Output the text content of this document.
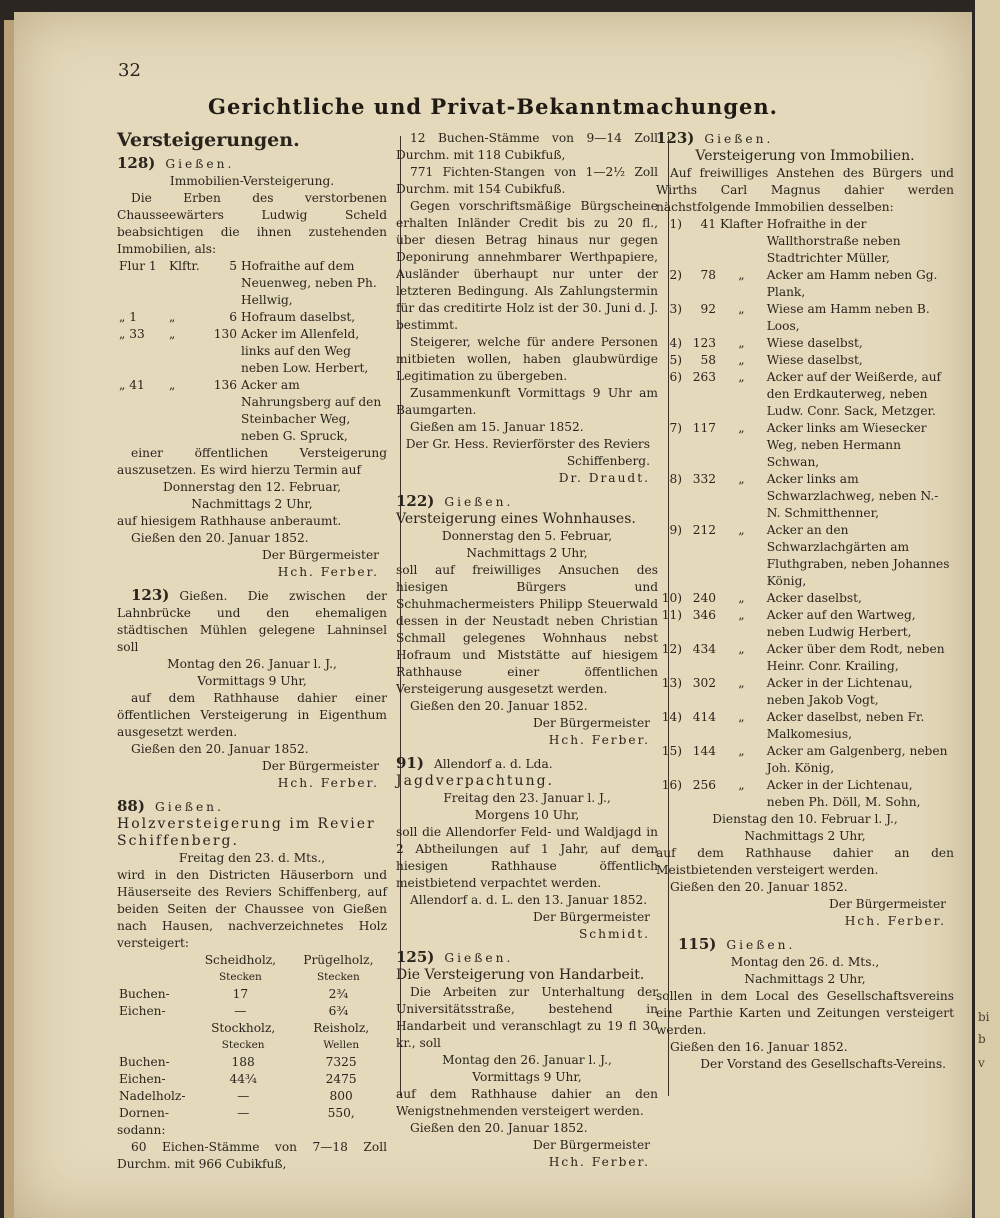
bi
b
v
32
Gerichtliche und Privat-Bekanntmachungen.
Versteigerungen.
128) Gießen.
Immobilien-Versteigerung.
Die Erben des verstorbenen Chausseewärters Ludwig Scheld beabsichtigen die ihnen zustehenden Immobilien, als:
Flur 1	Klftr.	5	Hofraithe auf dem Neuenweg, neben Ph. Hellwig,
„ 1	„	6	Hofraum daselbst,
„ 33	„	130	Acker im Allenfeld, links auf den Weg neben Low. Herbert,
„ 41	„	136	Acker am Nahrungsberg auf den Steinbacher Weg, neben G. Spruck,
einer öffentlichen Versteigerung auszusetzen. Es wird hierzu Termin auf
Donnerstag den 12. Februar,
Nachmittags 2 Uhr,
auf hiesigem Rathhause anberaumt.
Gießen den 20. Januar 1852.
Der Bürgermeister
Hch. Ferber.
123) Gießen. Die zwischen der Lahnbrücke und den ehemaligen städtischen Mühlen gelegene Lahninsel soll
Montag den 26. Januar l. J.,
Vormittags 9 Uhr,
auf dem Rathhause dahier einer öffentlichen Versteigerung in Eigenthum ausgesetzt werden.
Gießen den 20. Januar 1852.
Der Bürgermeister
Hch. Ferber.
88) Gießen.
Holzversteigerung im Revier Schiffenberg.
Freitag den 23. d. Mts.,
wird in den Districten Häuserborn und Häuserseite des Reviers Schiffenberg, auf beiden Seiten der Chaussee von Gießen nach Hausen, nachverzeichnetes Holz versteigert:
	Scheidholz,	Prügelholz,
	Stecken	Stecken
Buchen-	17	2¾
Eichen-	—	6¾
	Stockholz,	Reisholz,
	Stecken	Wellen
Buchen-	188	7325
Eichen-	44¾	2475
Nadelholz-	—	800
Dornen-	—	550,
sodann:
60 Eichen-Stämme von 7—18 Zoll Durchm. mit 966 Cubikfuß,
12 Buchen-Stämme von 9—14 Zoll Durchm. mit 118 Cubikfuß,
771 Fichten-Stangen von 1—2½ Zoll Durchm. mit 154 Cubikfuß.
Gegen vorschriftsmäßige Bürgscheine erhalten Inländer Credit bis zu 20 fl., über diesen Betrag hinaus nur gegen Deponirung annehmbarer Werthpapiere, Ausländer überhaupt nur unter der letzteren Bedingung. Als Zahlungstermin für das creditirte Holz ist der 30. Juni d. J. bestimmt.
Steigerer, welche für andere Personen mitbieten wollen, haben glaubwürdige Legitimation zu übergeben.
Zusammenkunft Vormittags 9 Uhr am Baumgarten.
Gießen am 15. Januar 1852.
Der Gr. Hess. Revierförster des Reviers Schiffenberg.
Dr. Draudt.
122) Gießen.
Versteigerung eines Wohnhauses.
Donnerstag den 5. Februar,
Nachmittags 2 Uhr,
soll auf freiwilliges Ansuchen des hiesigen Bürgers und Schuhmachermeisters Philipp Steuerwald dessen in der Neustadt neben Christian Schmall gelegenes Wohnhaus nebst Hofraum und Miststätte auf hiesigem Rathhause einer öffentlichen Versteigerung ausgesetzt werden.
Gießen den 20. Januar 1852.
Der Bürgermeister
Hch. Ferber.
91) Allendorf a. d. Lda.
Jagdverpachtung.
Freitag den 23. Januar l. J.,
Morgens 10 Uhr,
soll die Allendorfer Feld- und Waldjagd in 2 Abtheilungen auf 1 Jahr, auf dem hiesigen Rathhause öffentlich meistbietend verpachtet werden.
Allendorf a. d. L. den 13. Januar 1852.
Der Bürgermeister
Schmidt.
125) Gießen.
Die Versteigerung von Handarbeit.
Die Arbeiten zur Unterhaltung der Universitätsstraße, bestehend in Handarbeit und veranschlagt zu 19 fl 30 kr., soll
Montag den 26. Januar l. J.,
Vormittags 9 Uhr,
auf dem Rathhause dahier an den Wenigstnehmenden versteigert werden.
Gießen den 20. Januar 1852.
Der Bürgermeister
Hch. Ferber.
123) Gießen.
Versteigerung von Immobilien.
Auf freiwilliges Anstehen des Bürgers und Wirths Carl Magnus dahier werden nächstfolgende Immobilien desselben:
1)	41	Klafter	Hofraithe in der Wallthorstraße neben Stadtrichter Müller,
2)	78	„	Acker am Hamm neben Gg. Plank,
3)	92	„	Wiese am Hamm neben B. Loos,
4)	123	„	Wiese daselbst,
5)	58	„	Wiese daselbst,
6)	263	„	Acker auf der Weißerde, auf den Erdkauterweg, neben Ludw. Conr. Sack, Metzger.
7)	117	„	Acker links am Wiesecker Weg, neben Hermann Schwan,
8)	332	„	Acker links am Schwarzlachweg, neben N.-N. Schmitthenner,
9)	212	„	Acker an den Schwarzlachgärten am Fluthgraben, neben Johannes König,
10)	240	„	Acker daselbst,
11)	346	„	Acker auf den Wartweg, neben Ludwig Herbert,
12)	434	„	Acker über dem Rodt, neben Heinr. Conr. Krailing,
13)	302	„	Acker in der Lichtenau, neben Jakob Vogt,
14)	414	„	Acker daselbst, neben Fr. Malkomesius,
15)	144	„	Acker am Galgenberg, neben Joh. König,
16)	256	„	Acker in der Lichtenau, neben Ph. Döll, M. Sohn,
Dienstag den 10. Februar l. J.,
Nachmittags 2 Uhr,
auf dem Rathhause dahier an den Meistbietenden versteigert werden.
Gießen den 20. Januar 1852.
Der Bürgermeister
Hch. Ferber.
115) Gießen.
Montag den 26. d. Mts.,
Nachmittags 2 Uhr,
sollen in dem Local des Gesellschaftsvereins eine Parthie Karten und Zeitungen versteigert werden.
Gießen den 16. Januar 1852.
Der Vorstand des Gesellschafts-Vereins.
